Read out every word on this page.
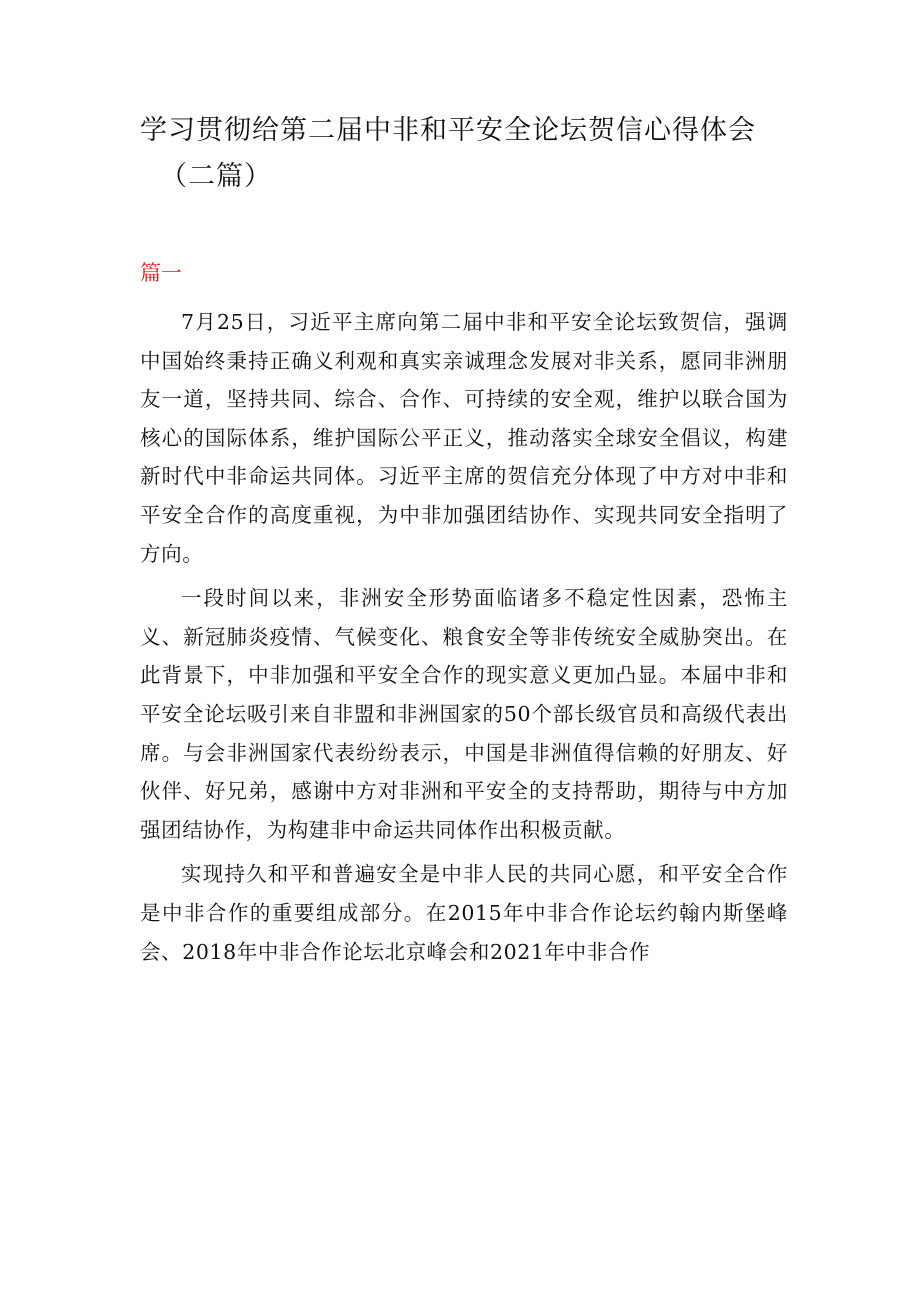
学习贯彻给第二届中非和平安全论坛贺信心得体会
（二篇）
篇一

7月25日，习近平主席向第二届中非和平安全论坛致贺信，强调中国始终秉持正确义利观和真实亲诚理念发展对非关系，愿同非洲朋友一道，坚持共同、综合、合作、可持续的安全观，维护以联合国为核心的国际体系，维护国际公平正义，推动落实全球安全倡议，构建新时代中非命运共同体。习近平主席的贺信充分体现了中方对中非和平安全合作的高度重视，为中非加强团结协作、实现共同安全指明了方向。

一段时间以来，非洲安全形势面临诸多不稳定性因素，恐怖主义、新冠肺炎疫情、气候变化、粮食安全等非传统安全威胁突出。在此背景下，中非加强和平安全合作的现实意义更加凸显。本届中非和平安全论坛吸引来自非盟和非洲国家的50个部长级官员和高级代表出席。与会非洲国家代表纷纷表示，中国是非洲值得信赖的好朋友、好伙伴、好兄弟，感谢中方对非洲和平安全的支持帮助，期待与中方加强团结协作，为构建非中命运共同体作出积极贡献。

实现持久和平和普遍安全是中非人民的共同心愿，和平安全合作是中非合作的重要组成部分。在2015年中非合作论坛约翰内斯堡峰会、2018年中非合作论坛北京峰会和2021年中非合作
